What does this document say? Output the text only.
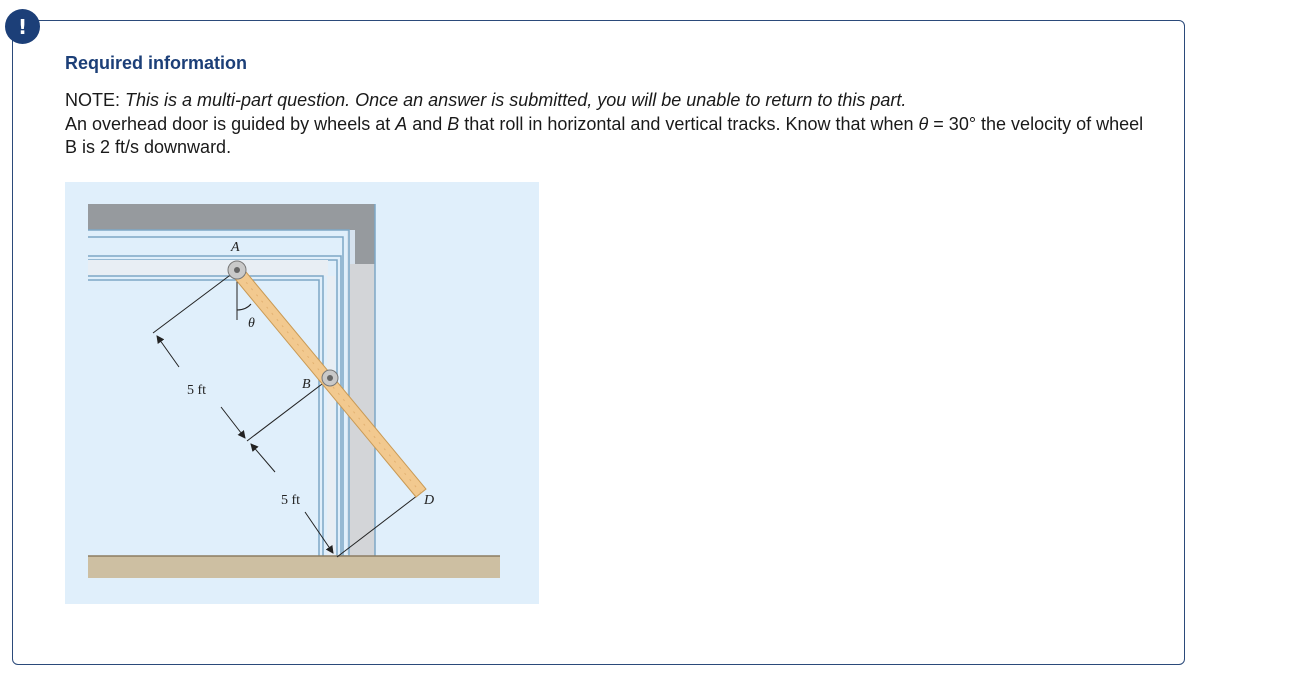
!
Required information

NOTE: This is a multi-part question. Once an answer is submitted, you will be unable to return to this part.

An overhead door is guided by wheels at A and B that roll in horizontal and vertical tracks. Know that when θ = 30° the velocity of wheel B is 2 ft/s downward.

A
B
D
θ
5 ft
5 ft
